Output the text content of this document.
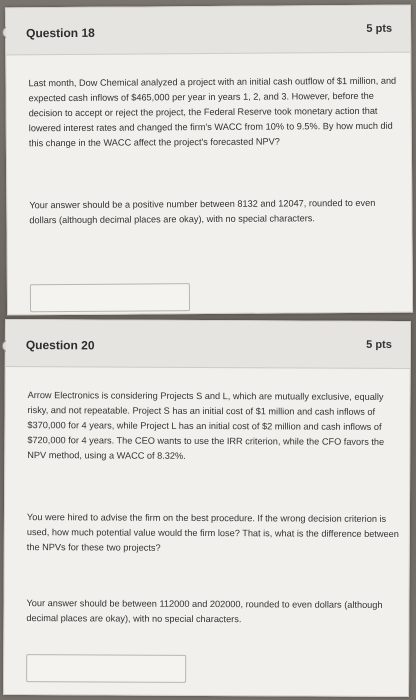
Question 18	5 pts
Last month, Dow Chemical analyzed a project with an initial cash outflow of $1 million, and expected cash inflows of $465,000 per year in years 1, 2, and 3. However, before the decision to accept or reject the project, the Federal Reserve took monetary action that lowered interest rates and changed the firm's WACC from 10% to 9.5%. By how much did this change in the WACC affect the project's forecasted NPV?
Your answer should be a positive number between 8132 and 12047, rounded to even dollars (although decimal places are okay), with no special characters.
Question 20	5 pts
Arrow Electronics is considering Projects S and L, which are mutually exclusive, equally risky, and not repeatable. Project S has an initial cost of $1 million and cash inflows of $370,000 for 4 years, while Project L has an initial cost of $2 million and cash inflows of $720,000 for 4 years. The CEO wants to use the IRR criterion, while the CFO favors the NPV method, using a WACC of 8.32%.
You were hired to advise the firm on the best procedure. If the wrong decision criterion is used, how much potential value would the firm lose? That is, what is the difference between the NPVs for these two projects?
Your answer should be between 112000 and 202000, rounded to even dollars (although decimal places are okay), with no special characters.
